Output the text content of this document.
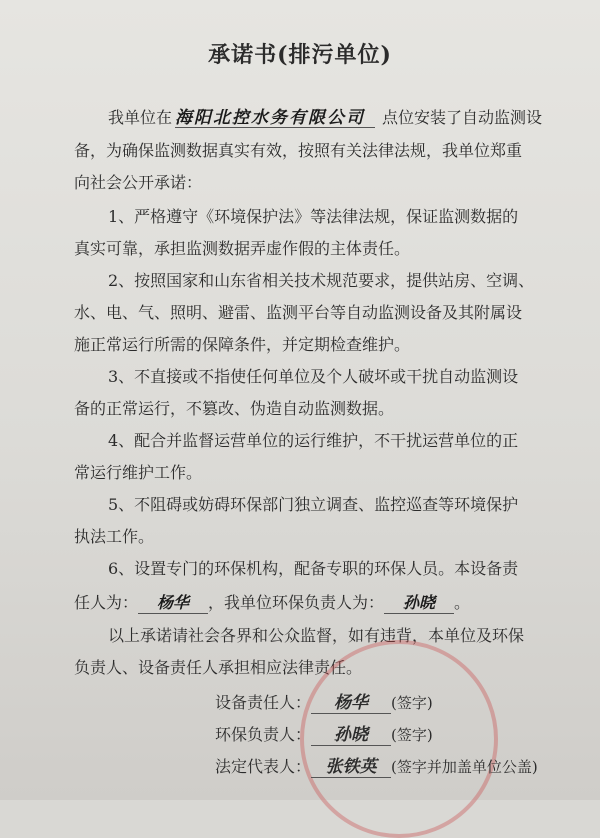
承诺书(排污单位)
我单位在 海阳北控水务有限公司	点位安装了自动监测设
备，为确保监测数据真实有效，按照有关法律法规，我单位郑重
向社会公开承诺：
1、严格遵守《环境保护法》等法律法规，保证监测数据的
真实可靠，承担监测数据弄虚作假的主体责任。
2、按照国家和山东省相关技术规范要求，提供站房、空调、
水、电、气、照明、避雷、监测平台等自动监测设备及其附属设
施正常运行所需的保障条件，并定期检查维护。
3、不直接或不指使任何单位及个人破坏或干扰自动监测设
备的正常运行，不篡改、伪造自动监测数据。
4、配合并监督运营单位的运行维护，不干扰运营单位的正
常运行维护工作。
5、不阻碍或妨碍环保部门独立调查、监控巡查等环境保护
执法工作。
6、设置专门的环保机构，配备专职的环保人员。本设备责
任人为： 杨华 ，我单位环保负责人为： 孙晓 。
以上承诺请社会各界和公众监督，如有违背，本单位及环保
负责人、设备责任人承担相应法律责任。
设备责任人： 杨华 (签字)
环保负责人： 孙晓 (签字)
法定代表人： 张铁英 (签字并加盖单位公盖)
